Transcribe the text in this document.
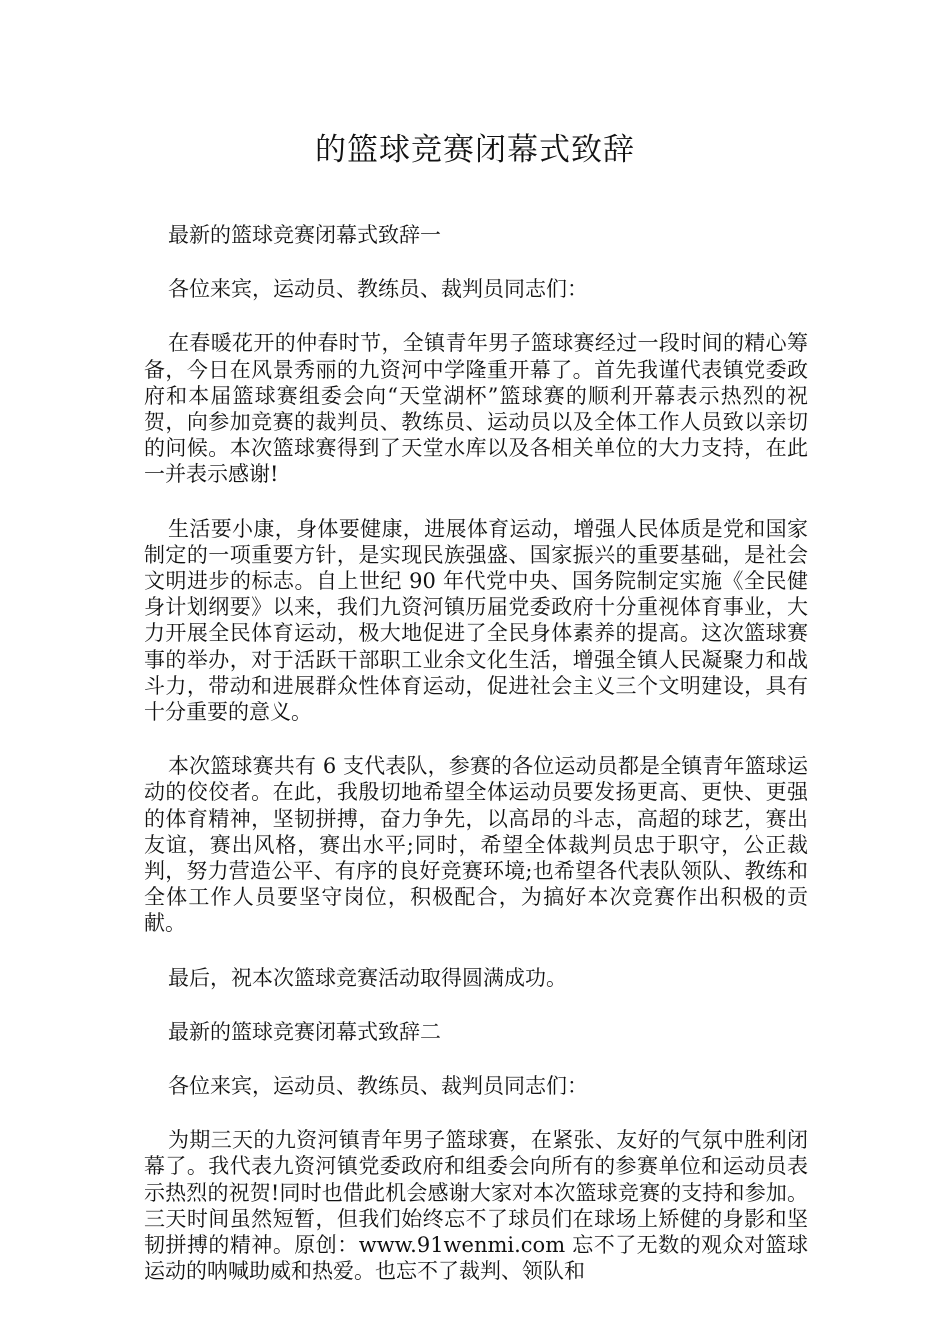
的篮球竞赛闭幕式致辞

最新的篮球竞赛闭幕式致辞一

各位来宾，运动员、教练员、裁判员同志们：

在春暖花开的仲春时节，全镇青年男子篮球赛经过一段时间的精心筹备，今日在风景秀丽的九资河中学隆重开幕了。首先我谨代表镇党委政府和本届篮球赛组委会向“天堂湖杯”篮球赛的顺利开幕表示热烈的祝贺，向参加竞赛的裁判员、教练员、运动员以及全体工作人员致以亲切的问候。本次篮球赛得到了天堂水库以及各相关单位的大力支持，在此一并表示感谢!

生活要小康，身体要健康，进展体育运动，增强人民体质是党和国家制定的一项重要方针，是实现民族强盛、国家振兴的重要基础，是社会文明进步的标志。自上世纪 90 年代党中央、国务院制定实施《全民健身计划纲要》以来，我们九资河镇历届党委政府十分重视体育事业，大力开展全民体育运动，极大地促进了全民身体素养的提高。这次篮球赛事的举办，对于活跃干部职工业余文化生活，增强全镇人民凝聚力和战斗力，带动和进展群众性体育运动，促进社会主义三个文明建设，具有十分重要的意义。

本次篮球赛共有 6 支代表队，参赛的各位运动员都是全镇青年篮球运动的佼佼者。在此，我殷切地希望全体运动员要发扬更高、更快、更强的体育精神，坚韧拼搏，奋力争先，以高昂的斗志，高超的球艺，赛出友谊，赛出风格，赛出水平;同时，希望全体裁判员忠于职守，公正裁判，努力营造公平、有序的良好竞赛环境;也希望各代表队领队、教练和全体工作人员要坚守岗位，积极配合，为搞好本次竞赛作出积极的贡献。

最后，祝本次篮球竞赛活动取得圆满成功。

最新的篮球竞赛闭幕式致辞二

各位来宾，运动员、教练员、裁判员同志们：

为期三天的九资河镇青年男子篮球赛，在紧张、友好的气氛中胜利闭幕了。我代表九资河镇党委政府和组委会向所有的参赛单位和运动员表示热烈的祝贺!同时也借此机会感谢大家对本次篮球竞赛的支持和参加。三天时间虽然短暂，但我们始终忘不了球员们在球场上矫健的身影和坚韧拼搏的精神。原创：www.91wenmi.com 忘不了无数的观众对篮球运动的呐喊助威和热爱。也忘不了裁判、领队和
